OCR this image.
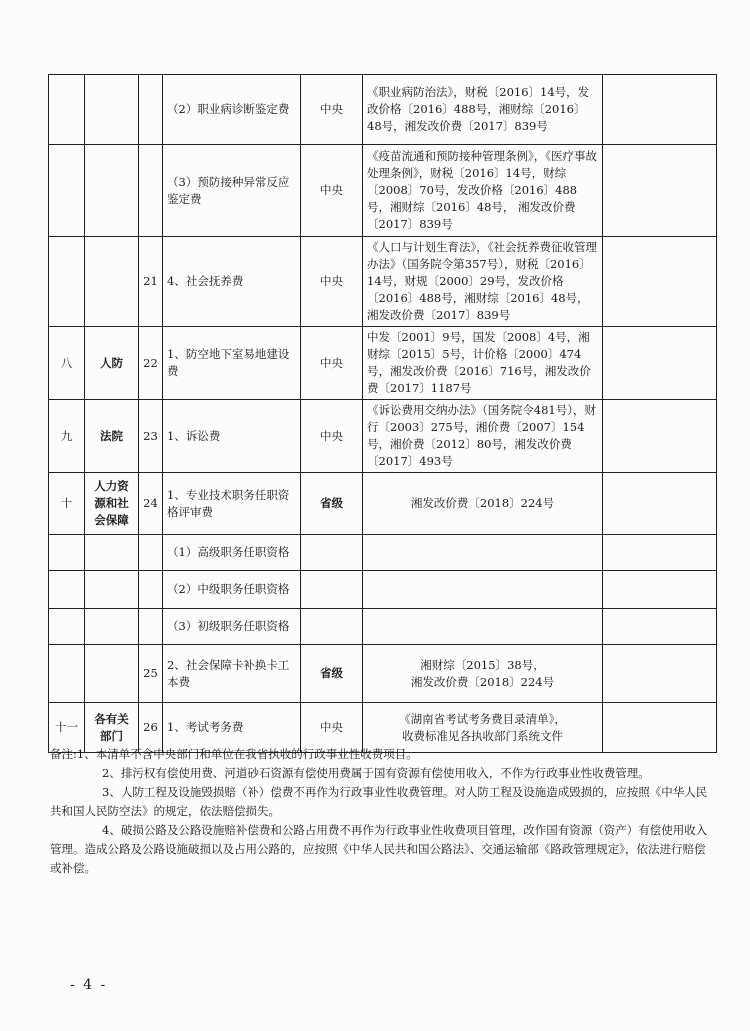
			（2）职业病诊断鉴定费	中央	《职业病防治法》，财税〔2016〕14号，发改价格〔2016〕488号，湘财综〔2016〕48号，湘发改价费〔2017〕839号	
			（3）预防接种异常反应鉴定费	中央	《疫苗流通和预防接种管理条例》，《医疗事故处理条例》，财税〔2016〕14号，财综〔2008〕70号，发改价格〔2016〕488号，湘财综〔2016〕48号， 湘发改价费〔2017〕839号	
		21	4、社会抚养费	中央	《人口与计划生育法》，《社会抚养费征收管理办法》（国务院令第357号），财税〔2016〕14号，财规〔2000〕29号，发改价格〔2016〕488号，湘财综〔2016〕48号，湘发改价费〔2017〕839号	
八	人防	22	1、防空地下室易地建设费	中央	中发〔2001〕9号，国发〔2008〕4号，湘财综〔2015〕5号，计价格〔2000〕474号，湘发改价费〔2016〕716号，湘发改价费〔2017〕1187号	
九	法院	23	1、诉讼费	中央	《诉讼费用交纳办法》（国务院令481号），财行〔2003〕275号，湘价费〔2007〕154号，湘价费〔2012〕80号，湘发改价费〔2017〕493号	
十	人力资源和社会保障	24	1、专业技术职务任职资格评审费	省级	湘发改价费〔2018〕224号	
			（1）高级职务任职资格			
			（2）中级职务任职资格			
			（3）初级职务任职资格			
		25	2、社会保障卡补换卡工本费	省级	湘财综〔2015〕38号，
湘发改价费〔2018〕224号	
十一	各有关部门	26	1、考试考务费	中央	《湖南省考试考务费目录清单》，
收费标准见各执收部门系统文件	

备注:1、本清单不含中央部门和单位在我省执收的行政事业性收费项目。

2、排污权有偿使用费、河道砂石资源有偿使用费属于国有资源有偿使用收入，不作为行政事业性收费管理。

3、人防工程及设施毁损赔（补）偿费不再作为行政事业性收费管理。对人防工程及设施造成毁损的，应按照《中华人民共和国人民防空法》的规定，依法赔偿损失。

4、破损公路及公路设施赔补偿费和公路占用费不再作为行政事业性收费项目管理，改作国有资源（资产）有偿使用收入管理。造成公路及公路设施破损以及占用公路的，应按照《中华人民共和国公路法》、交通运输部《路政管理规定》，依法进行赔偿或补偿。

- 4 -
